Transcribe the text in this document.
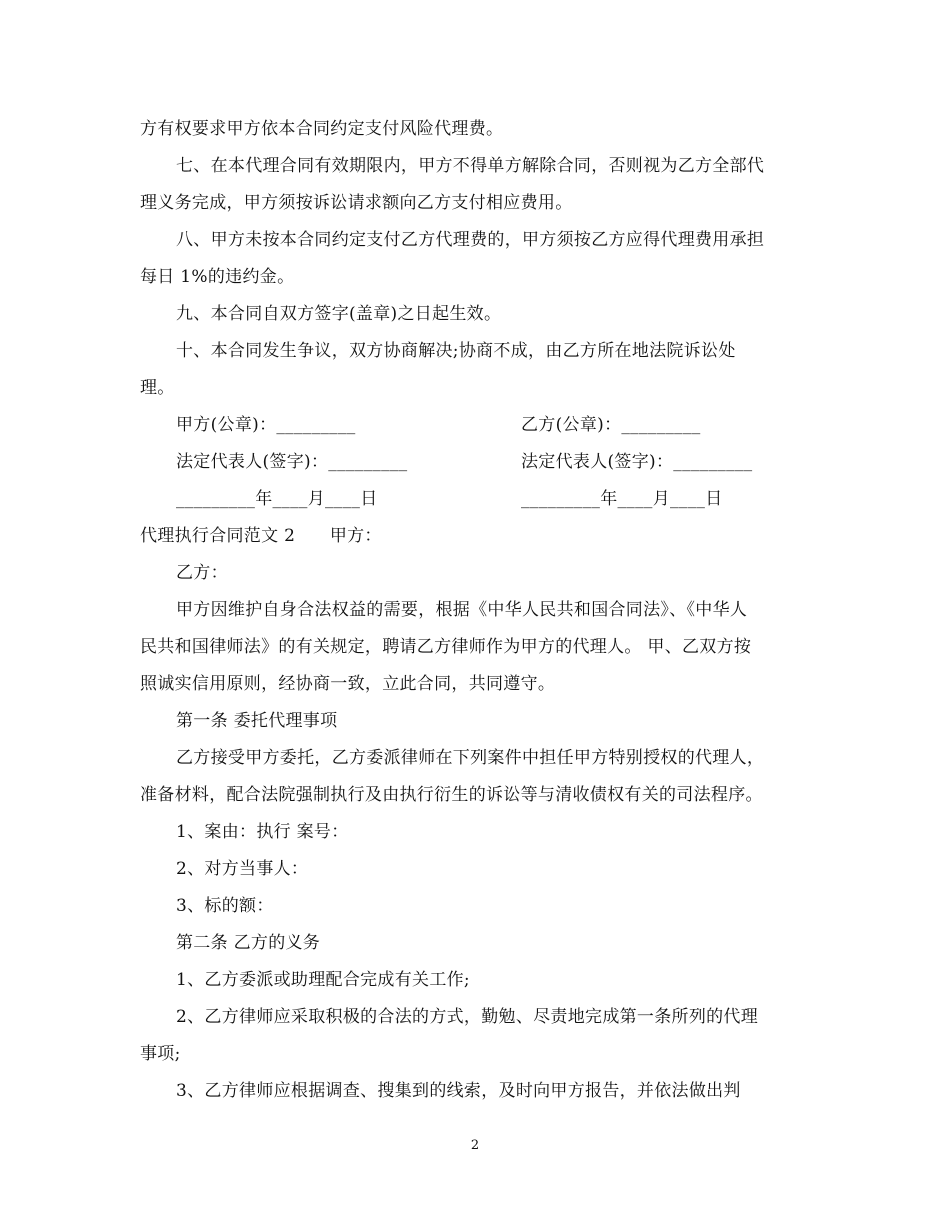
方有权要求甲方依本合同约定支付风险代理费。
七、在本代理合同有效期限内，甲方不得单方解除合同，否则视为乙方全部代
理义务完成，甲方须按诉讼请求额向乙方支付相应费用。
八、甲方未按本合同约定支付乙方代理费的，甲方须按乙方应得代理费用承担
每日 1%的违约金。
九、本合同自双方签字(盖章)之日起生效。
十、本合同发生争议，双方协商解决;协商不成，由乙方所在地法院诉讼处
理。
甲方(公章)：_________	乙方(公章)：_________
法定代表人(签字)：_________	法定代表人(签字)：_________
_________年____月____日	_________年____月____日
代理执行合同范文 2　　甲方：
乙方：
甲方因维护自身合法权益的需要，根据《中华人民共和国合同法》、《中华人
民共和国律师法》的有关规定，聘请乙方律师作为甲方的代理人。 甲、乙双方按
照诚实信用原则，经协商一致，立此合同，共同遵守。
第一条 委托代理事项
乙方接受甲方委托，乙方委派律师在下列案件中担任甲方特别授权的代理人，
准备材料，配合法院强制执行及由执行衍生的诉讼等与清收债权有关的司法程序。
1、案由：执行 案号：
2、对方当事人：
3、标的额：
第二条 乙方的义务
1、乙方委派或助理配合完成有关工作;
2、乙方律师应采取积极的合法的方式，勤勉、尽责地完成第一条所列的代理
事项;
3、乙方律师应根据调查、搜集到的线索，及时向甲方报告，并依法做出判
2
